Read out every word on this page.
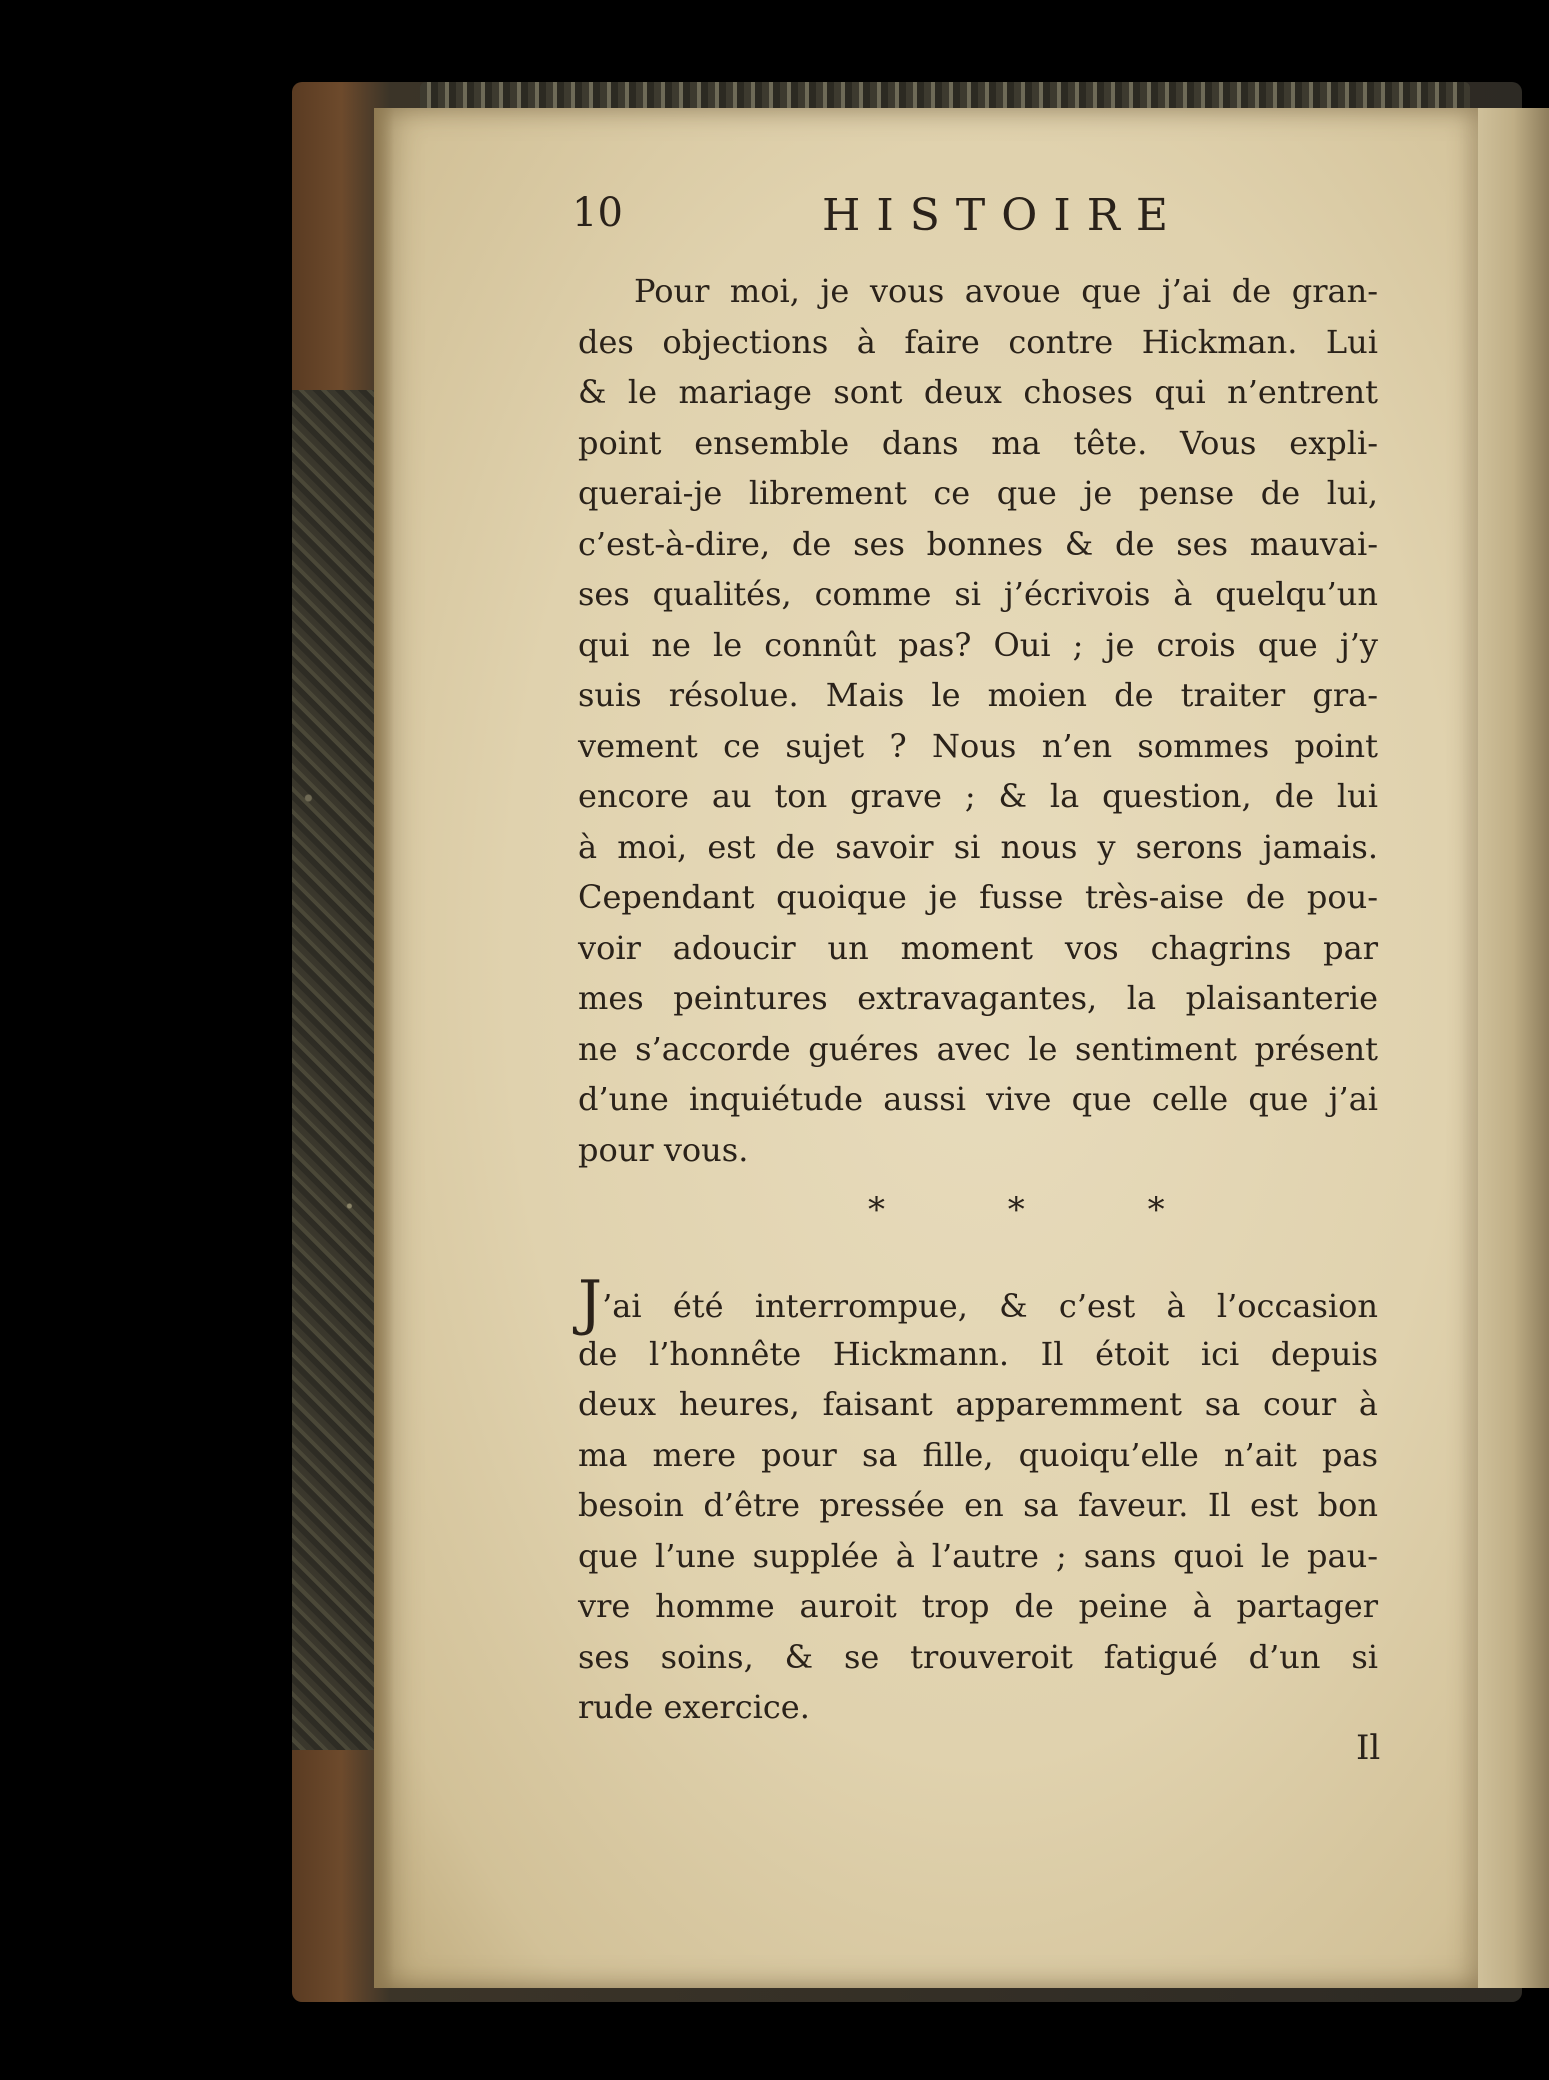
10	HISTOIRE
Pour moi, je vous avoue que j’ai de gran-
des objections à faire contre Hickman. Lui
& le mariage sont deux choses qui n’entrent
point ensemble dans ma tête. Vous expli-
querai-je librement ce que je pense de lui,
c’est-à-dire, de ses bonnes & de ses mauvai-
ses qualités, comme si j’écrivois à quelqu’un
qui ne le connût pas? Oui ; je crois que j’y
suis résolue. Mais le moien de traiter gra-
vement ce sujet ? Nous n’en sommes point
encore au ton grave ; & la question, de lui
à moi, est de savoir si nous y serons jamais.
Cependant quoique je fusse très-aise de pou-
voir adoucir un moment vos chagrins par
mes peintures extravagantes, la plaisanterie
ne s’accorde guéres avec le sentiment présent
d’une inquiétude aussi vive que celle que j’ai
pour vous.
* * *
J’ai été interrompue, & c’est à l’occasion
de l’honnête Hickmann. Il étoit ici depuis
deux heures, faisant apparemment sa cour à
ma mere pour sa fille, quoiqu’elle n’ait pas
besoin d’être pressée en sa faveur. Il est bon
que l’une supplée à l’autre ; sans quoi le pau-
vre homme auroit trop de peine à partager
ses soins, & se trouveroit fatigué d’un si
rude exercice.
Il
